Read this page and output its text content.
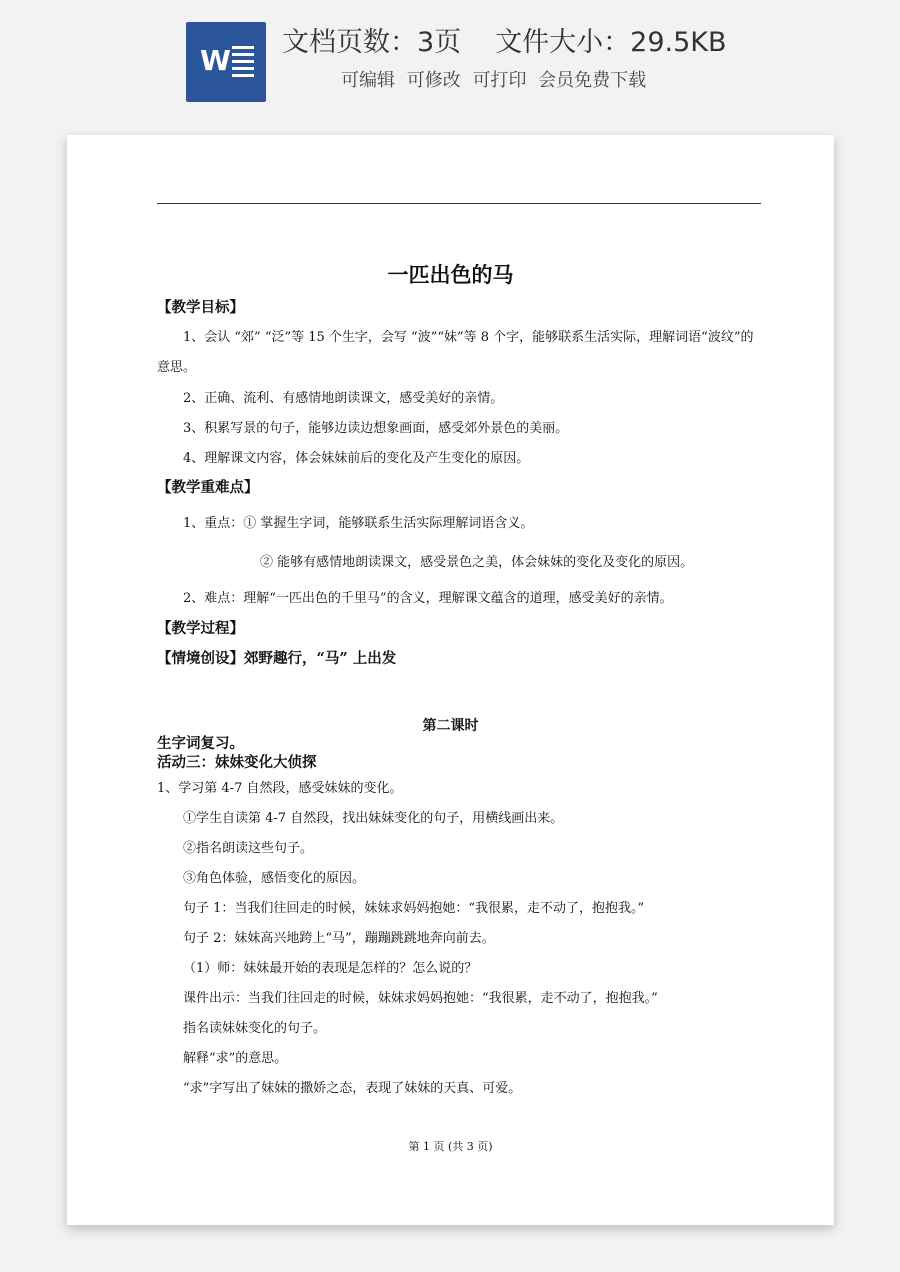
W
文档页数：3页 文件大小：29.5KB
可编辑 可修改 可打印 会员免费下载
一匹出色的马
【教学目标】
1、会认 “郊” “泛”等 15 个生字，会写 “波”“妹”等 8 个字，能够联系生活实际，理解词语“波纹”的意思。
2、正确、流利、有感情地朗读课文，感受美好的亲情。
3、积累写景的句子，能够边读边想象画面，感受郊外景色的美丽。
4、理解课文内容，体会妹妹前后的变化及产生变化的原因。
【教学重难点】
1、重点：① 掌握生字词，能够联系生活实际理解词语含义。
② 能够有感情地朗读课文，感受景色之美，体会妹妹的变化及变化的原因。
2、难点：理解“一匹出色的千里马”的含义，理解课文蕴含的道理，感受美好的亲情。
【教学过程】
【情境创设】郊野趣行，“马” 上出发
第二课时
生字词复习。
活动三：妹妹变化大侦探
1、学习第 4-7 自然段，感受妹妹的变化。
①学生自读第 4-7 自然段，找出妹妹变化的句子，用横线画出来。
②指名朗读这些句子。
③角色体验，感悟变化的原因。
句子 1：当我们往回走的时候，妹妹求妈妈抱她：“我很累，走不动了，抱抱我。”
句子 2：妹妹高兴地跨上“马”，蹦蹦跳跳地奔向前去。
（1）师：妹妹最开始的表现是怎样的？怎么说的？
课件出示：当我们往回走的时候，妹妹求妈妈抱她：“我很累，走不动了，抱抱我。”
指名读妹妹变化的句子。
解释“求”的意思。
“求”字写出了妹妹的撒娇之态，表现了妹妹的天真、可爱。
第 1 页 (共 3 页)
